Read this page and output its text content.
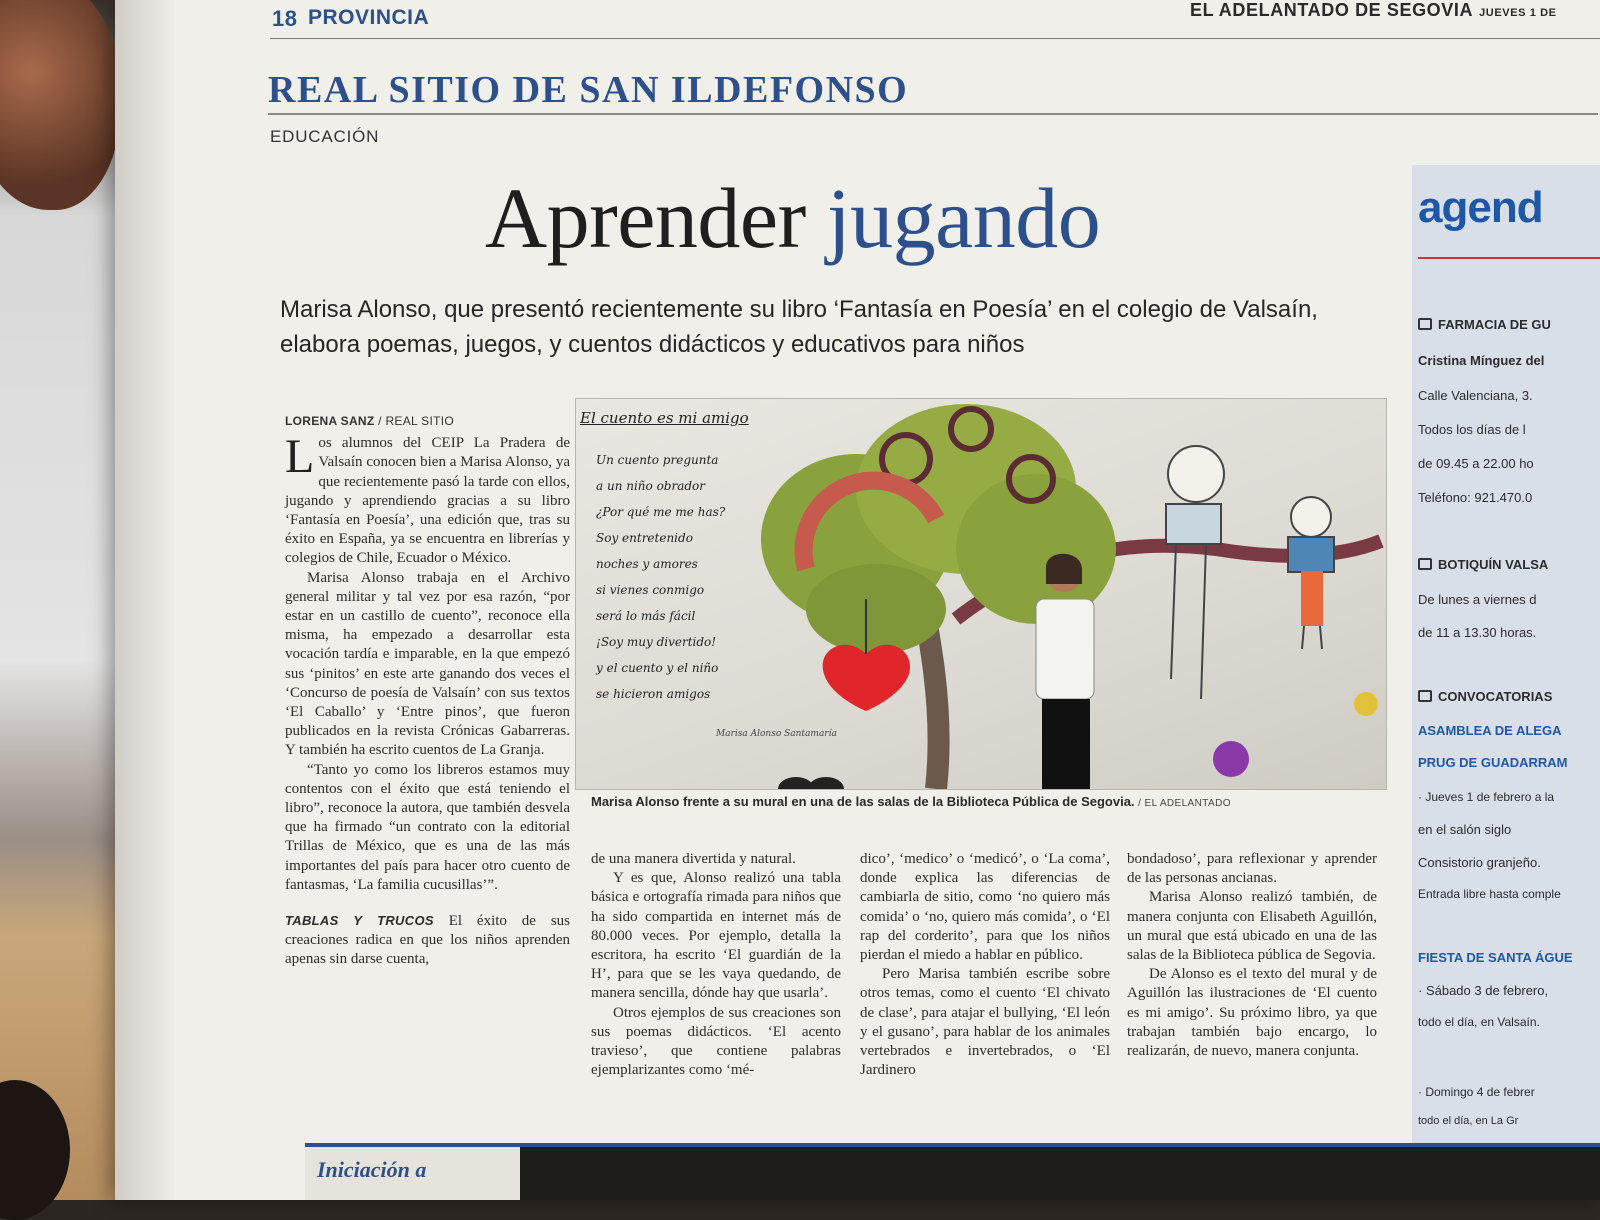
18 PROVINCIA	EL ADELANTADO DE SEGOVIA JUEVES 1 DE
REAL SITIO DE SAN ILDEFONSO
EDUCACIÓN
Aprender jugando
Marisa Alonso, que presentó recientemente su libro ‘Fantasía en Poesía’ en el colegio de Valsaín, elabora poemas, juegos, y cuentos didácticos y educativos para niños
LORENA SANZ / REAL SITIO

Los alumnos del CEIP La Pradera de Valsaín conocen bien a Marisa Alonso, ya que recientemente pasó la tarde con ellos, jugando y aprendiendo gracias a su libro ‘Fantasía en Poesía’, una edición que, tras su éxito en España, ya se encuentra en librerías y colegios de Chile, Ecuador o México.

Marisa Alonso trabaja en el Archivo general militar y tal vez por esa razón, “por estar en un castillo de cuento”, reconoce ella misma, ha empezado a desarrollar esta vocación tardía e imparable, en la que empezó sus ‘pinitos’ en este arte ganando dos veces el ‘Concurso de poesía de Valsaín’ con sus textos ‘El Caballo’ y ‘Entre pinos’, que fueron publicados en la revista Crónicas Gabarreras. Y también ha escrito cuentos de La Granja.

“Tanto yo como los libreros estamos muy contentos con el éxito que está teniendo el libro”, reconoce la autora, que también desvela que ha firmado “un contrato con la editorial Trillas de México, que es una de las más importantes del país para hacer otro cuento de fantasmas, ‘La familia cucusillas’”.

TABLAS Y TRUCOS El éxito de sus creaciones radica en que los niños aprenden apenas sin darse cuenta,

El cuento es mi amigo
Un cuento pregunta
a un niño obrador
¿Por qué me me has?
Soy entretenido
noches y amores
si vienes conmigo
será lo más fácil
¡Soy muy divertido!
y el cuento y el niño
se hicieron amigos
Marisa Alonso Santamaría
Marisa Alonso frente a su mural en una de las salas de la Biblioteca Pública de Segovia. / EL ADELANTADO

de una manera divertida y natural.

Y es que, Alonso realizó una tabla básica e ortografía rimada para niños que ha sido compartida en internet más de 80.000 veces. Por ejemplo, detalla la escritora, ha escrito ‘El guardián de la H’, para que se les vaya quedando, de manera sencilla, dónde hay que usarla’.

Otros ejemplos de sus creaciones son sus poemas didácticos. ‘El acento travieso’, que contiene palabras ejemplarizantes como ‘mé-

dico’, ‘medico’ o ‘medicó’, o ‘La coma’, donde explica las diferencias de cambiarla de sitio, como ‘no quiero más comida’ o ‘no, quiero más comida’, o ‘El rap del corderito’, para que los niños pierdan el miedo a hablar en público.

Pero Marisa también escribe sobre otros temas, como el cuento ‘El chivato de clase’, para atajar el bullying, ‘El león y el gusano’, para hablar de los animales vertebrados e invertebrados, o ‘El Jardinero

bondadoso’, para reflexionar y aprender de las personas ancianas.

Marisa Alonso realizó también, de manera conjunta con Elisabeth Aguillón, un mural que está ubicado en una de las salas de la Biblioteca pública de Segovia.

De Alonso es el texto del mural y de Aguillón las ilustraciones de ‘El cuento es mi amigo’. Su próximo libro, ya que trabajan también bajo encargo, lo realizarán, de nuevo, manera conjunta.

agend
FARMACIA DE GU
Cristina Mínguez del
Calle Valenciana, 3.
Todos los días de l
de 09.45 a 22.00 ho
Teléfono: 921.470.0
BOTIQUÍN VALSA
De lunes a viernes d
de 11 a 13.30 horas.
CONVOCATORIAS
ASAMBLEA DE ALEGA
PRUG DE GUADARRAM
· Jueves 1 de febrero a la
en el salón siglo
Consistorio granjeño.
Entrada libre hasta comple
FIESTA DE SANTA ÁGUE
· Sábado 3 de febrero,
todo el día, en Valsaín.
· Domingo 4 de febrer
todo el día, en La Gr
Iniciación a
